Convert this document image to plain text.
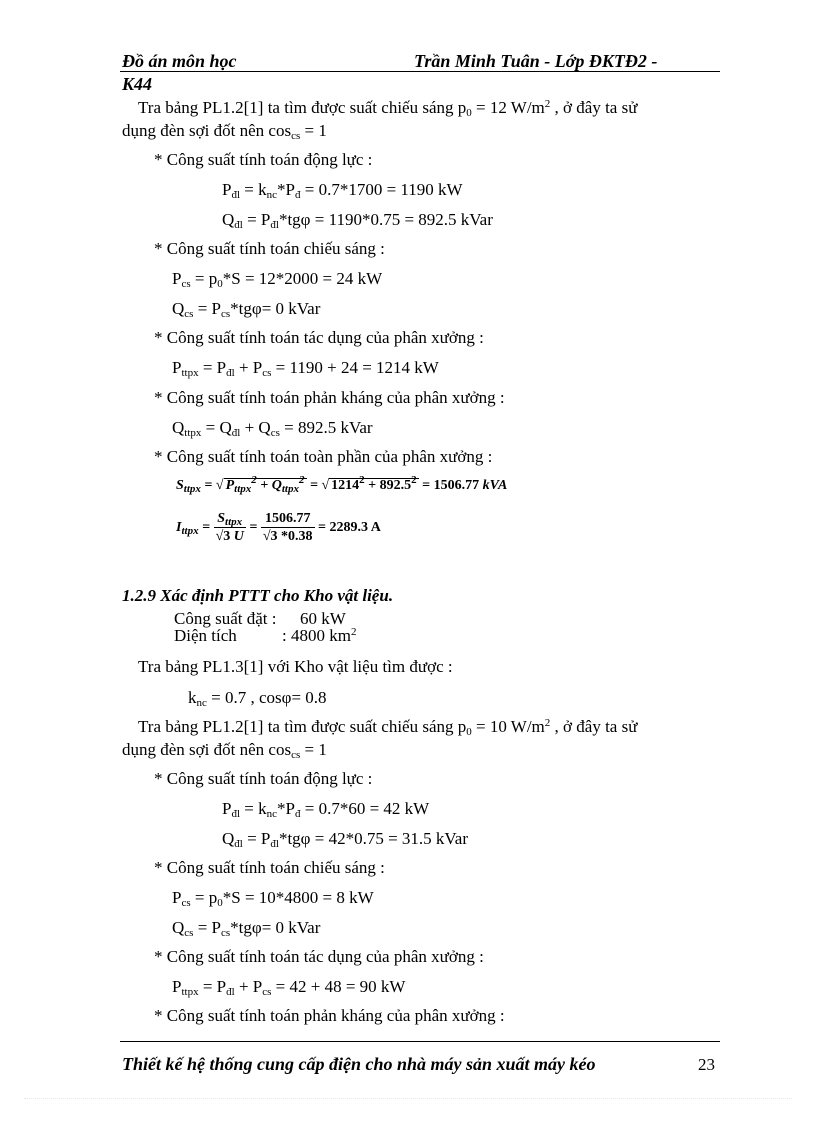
Đồ án môn học	Trần Minh Tuân - Lớp ĐKTĐ2 -
K44
Tra bảng PL1.2[1] ta tìm được suất chiếu sáng $p_0 = 12$ $W/m^2$ , ở đây ta sử
dụng đèn sợi đốt nên $\cos_{cs} = 1$
* Công suất tính toán động lực :
$P_{đl} = k_{nc}*P_đ = 0.7*1700 = 1190$ kW
$Q_{đl} = P_{đl}*tg\varphi = 1190*0.75 = 892.5$ kVar
* Công suất tính toán chiếu sáng :
$P_{cs} = p_0*S = 12*2000 = 24$ kW
$Q_{cs} = P_{cs}*tg\varphi= 0$ kVar
* Công suất tính toán tác dụng của phân xưởng :
$P_{ttpx} = P_{đl} + P_{cs} = 1190 + 24 = 1214$ kW
* Công suất tính toán phản kháng của phân xưởng :
$Q_{ttpx} = Q_{đl} + Q_{cs} = 892.5$ kVar
* Công suất tính toán toàn phần của phân xưởng :
$S_{ttpx}$ = √ $P_{ttpx}^2 + Q_{ttpx}^2$ = √ $1214^2 + 892.5^2 = 1506.77$ kVA
$I_{ttpx} = \frac{S_{ttpx}}{√3 U} = \frac{1506.77}{√3 *0.38} = 2289.3$ A
1.2.9 Xác định PTTT cho Kho vật liệu.
Công suất đặt : 60 kW
Diện tích	: 4800 $km^2$
Tra bảng PL1.3[1] với Kho vật liệu tìm được :
$k_{nc} = 0.7$ , cosφ= 0.8
Tra bảng PL1.2[1] ta tìm được suất chiếu sáng $p_0 = 10$ $W/m^2$ , ở đây ta sử
dụng đèn sợi đốt nên $\cos_{cs} = 1$
* Công suất tính toán động lực :
$P_{đl} = k_{nc}*P_đ = 0.7*60 = 42$ kW
$Q_{đl} = P_{đl}*tg\varphi = 42*0.75 = 31.5$ kVar
* Công suất tính toán chiếu sáng :
$P_{cs} = p_0*S = 10*4800 = 8$ kW
$Q_{cs} = P_{cs}*tg\varphi= 0$ kVar
* Công suất tính toán tác dụng của phân xưởng :
$P_{ttpx} = P_{đl} + P_{cs} = 42 + 48 = 90$ kW
* Công suất tính toán phản kháng của phân xưởng :
Thiết kế hệ thống cung cấp điện cho nhà máy sản xuất máy kéo	23
